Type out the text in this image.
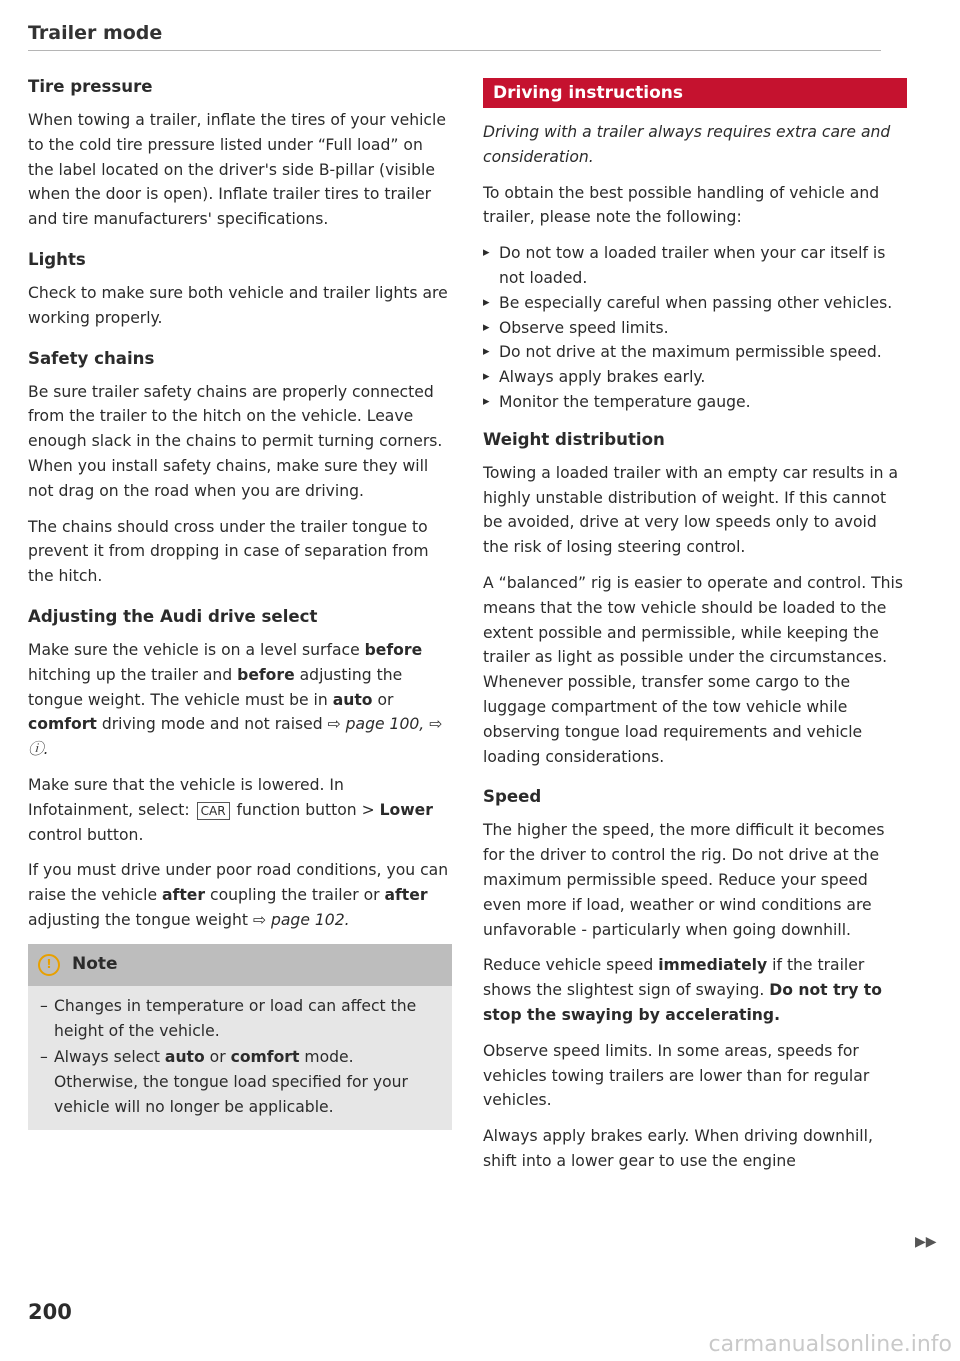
Trailer mode
Tire pressure

When towing a trailer, inflate the tires of your vehicle to the cold tire pressure listed under “Full load” on the label located on the driver's side B-pillar (visible when the door is open). Inflate trailer tires to trailer and tire manufacturers' specifications.

Lights

Check to make sure both vehicle and trailer lights are working properly.

Safety chains

Be sure trailer safety chains are properly connected from the trailer to the hitch on the vehicle. Leave enough slack in the chains to permit turning corners. When you install safety chains, make sure they will not drag on the road when you are driving.

The chains should cross under the trailer tongue to prevent it from dropping in case of separation from the hitch.

Adjusting the Audi drive select

Make sure the vehicle is on a level surface before hitching up the trailer and before adjusting the tongue weight. The vehicle must be in auto or comfort driving mode and not raised ⇨ page 100, ⇨ ⓘ.

Make sure that the vehicle is lowered. In Infotainment, select: CAR function button > Lower control button.

If you must drive under poor road conditions, you can raise the vehicle after coupling the trailer or after adjusting the tongue weight ⇨ page 102.

!	Note
– Changes in temperature or load can affect the height of the vehicle.
– Always select auto or comfort mode. Otherwise, the tongue load specified for your vehicle will no longer be applicable.
Driving instructions

Driving with a trailer always requires extra care and consideration.

To obtain the best possible handling of vehicle and trailer, please note the following:

▸ Do not tow a loaded trailer when your car itself is not loaded.
▸ Be especially careful when passing other vehicles.
▸ Observe speed limits.
▸ Do not drive at the maximum permissible speed.
▸ Always apply brakes early.
▸ Monitor the temperature gauge.
Weight distribution

Towing a loaded trailer with an empty car results in a highly unstable distribution of weight. If this cannot be avoided, drive at very low speeds only to avoid the risk of losing steering control.

A “balanced” rig is easier to operate and control. This means that the tow vehicle should be loaded to the extent possible and permissible, while keeping the trailer as light as possible under the circumstances. Whenever possible, transfer some cargo to the luggage compartment of the tow vehicle while observing tongue load requirements and vehicle loading considerations.

Speed

The higher the speed, the more difficult it becomes for the driver to control the rig. Do not drive at the maximum permissible speed. Reduce your speed even more if load, weather or wind conditions are unfavorable - particularly when going downhill.

Reduce vehicle speed immediately if the trailer shows the slightest sign of swaying. Do not try to stop the swaying by accelerating.

Observe speed limits. In some areas, speeds for vehicles towing trailers are lower than for regular vehicles.

Always apply brakes early. When driving downhill, shift into a lower gear to use the engine

▶▶
200
carmanualsonline.info
